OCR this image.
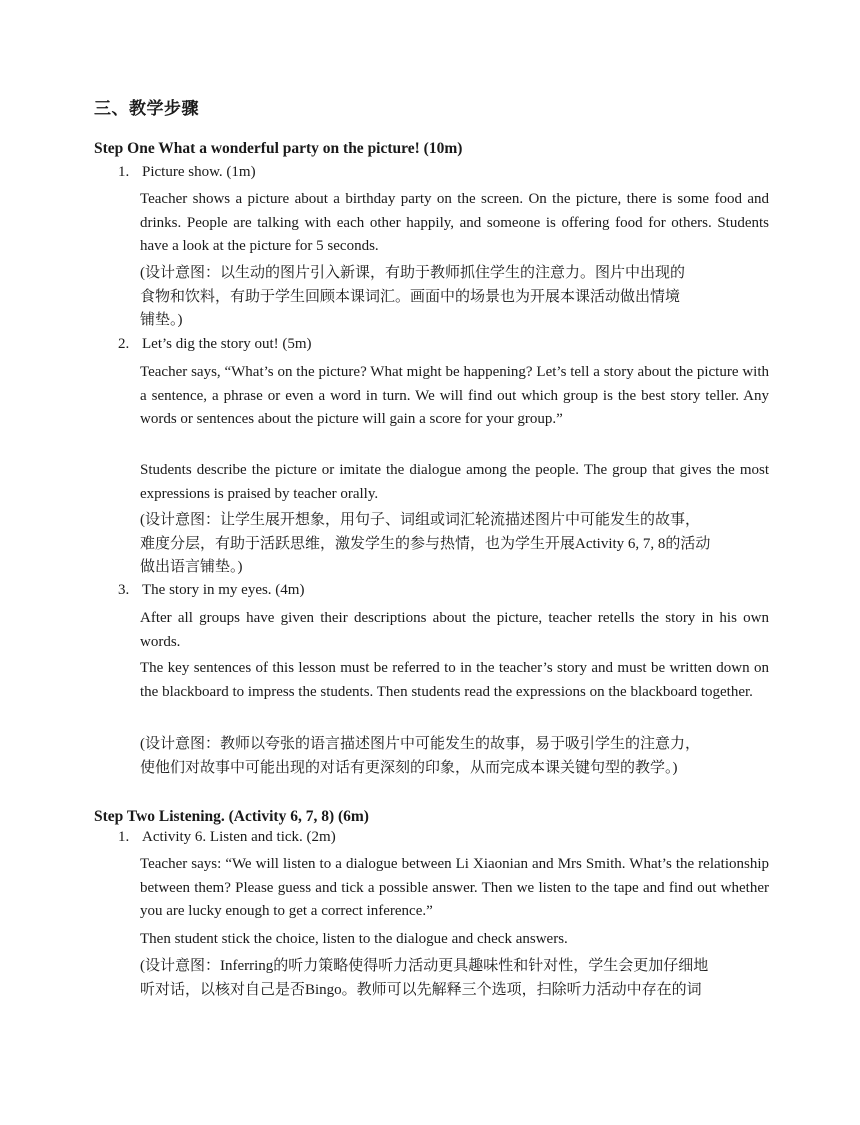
三、教学步骤
Step One What a wonderful party on the picture! (10m)
1. Picture show. (1m)
Teacher shows a picture about a birthday party on the screen. On the picture, there is some food and drinks. People are talking with each other happily, and someone is offering food for others. Students have a look at the picture for 5 seconds.
(设计意图：以生动的图片引入新课，有助于教师抓住学生的注意力。图片中出现的
食物和饮料，有助于学生回顾本课词汇。画面中的场景也为开展本课活动做出情境
铺垫。)
2. Let’s dig the story out! (5m)
Teacher says, “What’s on the picture? What might be happening? Let’s tell a story about the picture with a sentence, a phrase or even a word in turn. We will find out which group is the best story teller. Any words or sentences about the picture will gain a score for your group.”
Students describe the picture or imitate the dialogue among the people. The group that gives the most expressions is praised by teacher orally.
(设计意图：让学生展开想象，用句子、词组或词汇轮流描述图片中可能发生的故事，
难度分层，有助于活跃思维，激发学生的参与热情，也为学生开展Activity 6, 7, 8的活动
做出语言铺垫。)
3. The story in my eyes. (4m)
After all groups have given their descriptions about the picture, teacher retells the story in his own words.
The key sentences of this lesson must be referred to in the teacher’s story and must be written down on the blackboard to impress the students. Then students read the expressions on the blackboard together.
(设计意图：教师以夸张的语言描述图片中可能发生的故事，易于吸引学生的注意力，
使他们对故事中可能出现的对话有更深刻的印象，从而完成本课关键句型的教学。)
Step Two Listening. (Activity 6, 7, 8) (6m)
1. Activity 6. Listen and tick. (2m)
Teacher says: “We will listen to a dialogue between Li Xiaonian and Mrs Smith. What’s the relationship between them? Please guess and tick a possible answer. Then we listen to the tape and find out whether you are lucky enough to get a correct inference.”
Then student stick the choice, listen to the dialogue and check answers.
(设计意图：Inferring的听力策略使得听力活动更具趣味性和针对性，学生会更加仔细地
听对话，以核对自己是否Bingo。教师可以先解释三个选项，扫除听力活动中存在的词
